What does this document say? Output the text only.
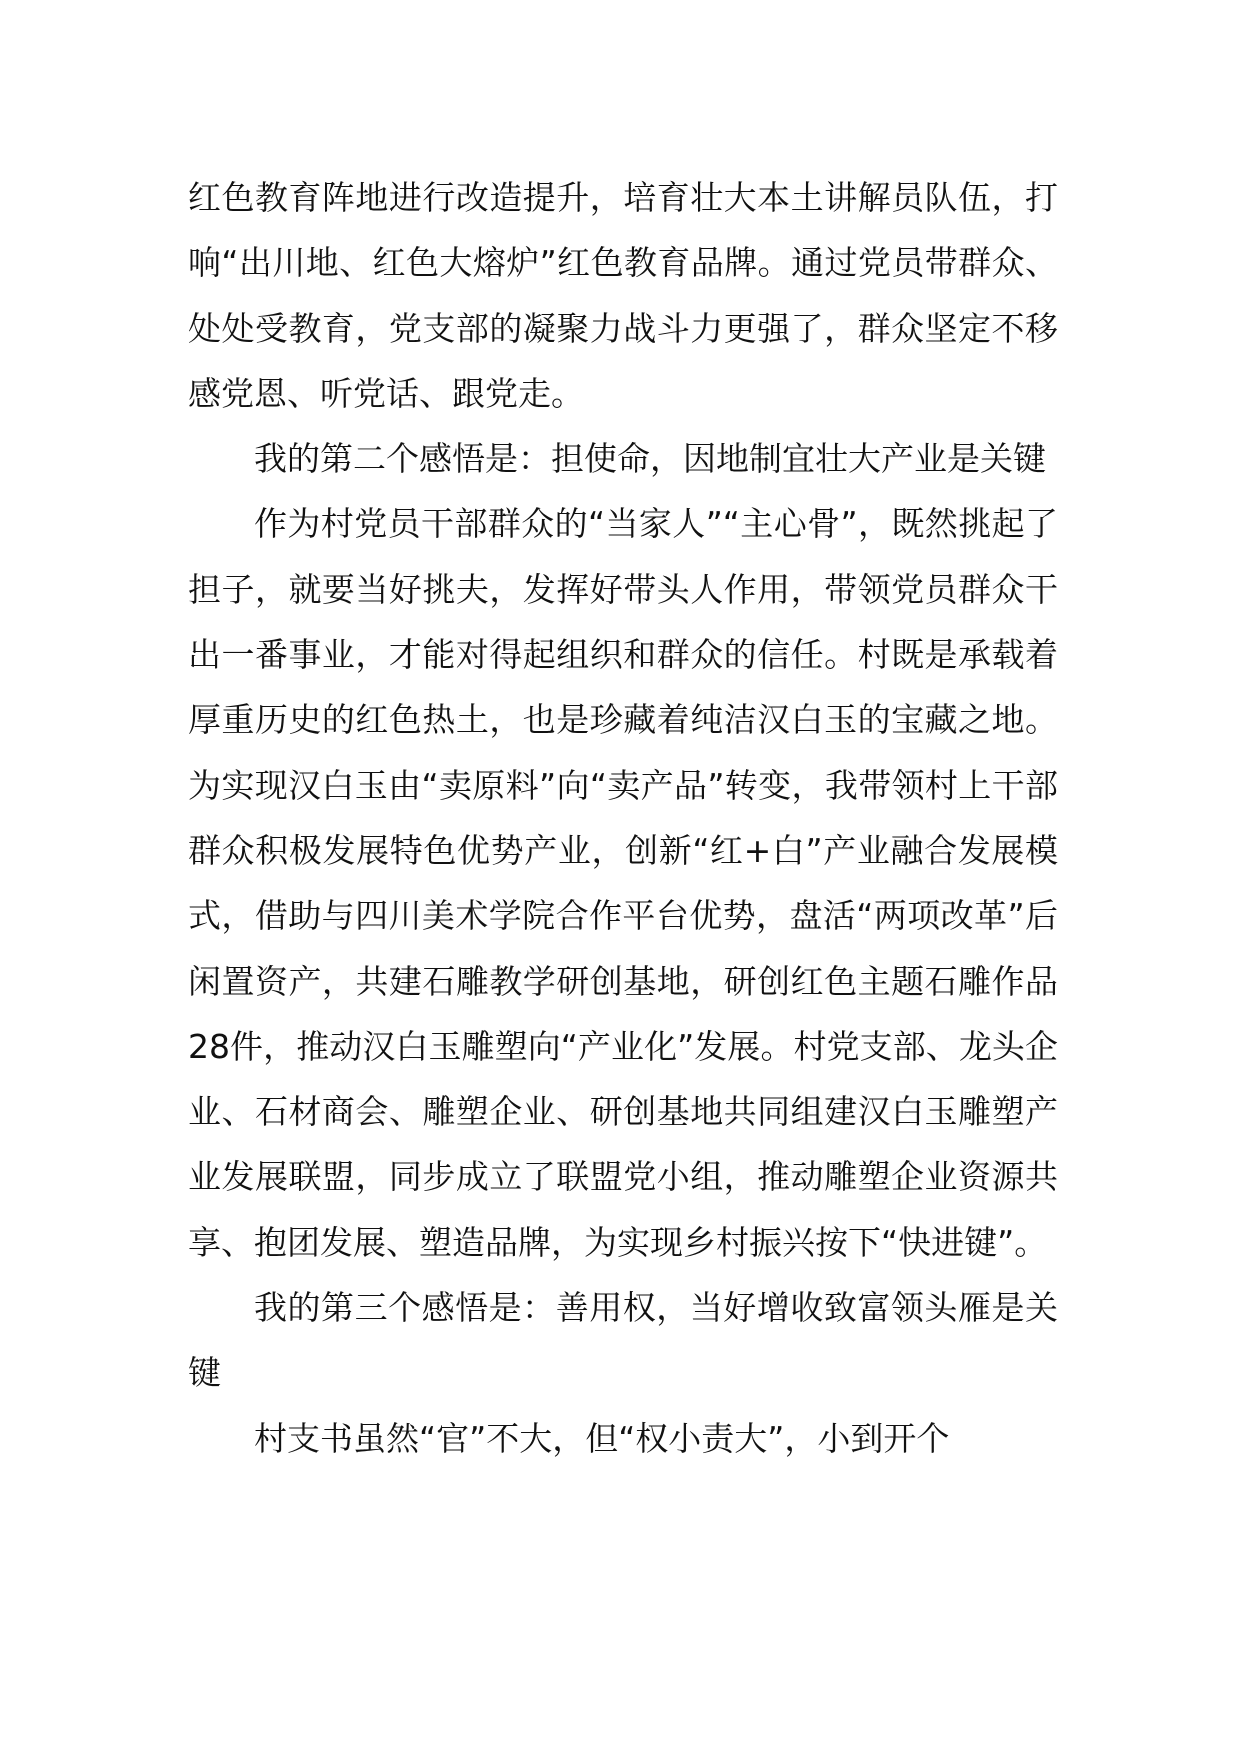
红色教育阵地进行改造提升，培育壮大本土讲解员队伍，打响“出川地、红色大熔炉”红色教育品牌。通过党员带群众、处处受教育，党支部的凝聚力战斗力更强了，群众坚定不移感党恩、听党话、跟党走。

我的第二个感悟是：担使命，因地制宜壮大产业是关键

作为村党员干部群众的“当家人”“主心骨”，既然挑起了担子，就要当好挑夫，发挥好带头人作用，带领党员群众干出一番事业，才能对得起组织和群众的信任。村既是承载着厚重历史的红色热土，也是珍藏着纯洁汉白玉的宝藏之地。为实现汉白玉由“卖原料”向“卖产品”转变，我带领村上干部群众积极发展特色优势产业，创新“红+白”产业融合发展模式，借助与四川美术学院合作平台优势，盘活“两项改革”后闲置资产，共建石雕教学研创基地，研创红色主题石雕作品28件，推动汉白玉雕塑向“产业化”发展。村党支部、龙头企业、石材商会、雕塑企业、研创基地共同组建汉白玉雕塑产业发展联盟，同步成立了联盟党小组，推动雕塑企业资源共享、抱团发展、塑造品牌，为实现乡村振兴按下“快进键”。

我的第三个感悟是：善用权，当好增收致富领头雁是关键

村支书虽然“官”不大，但“权小责大”，小到开个
